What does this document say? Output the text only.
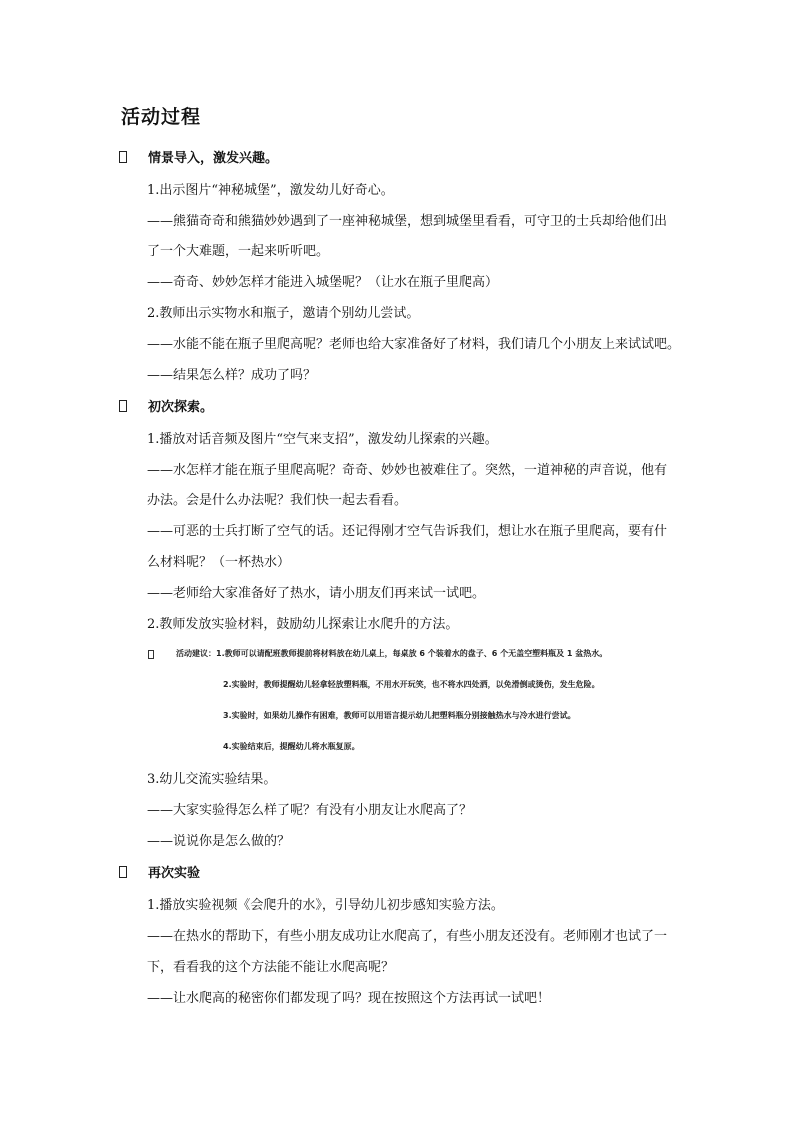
活动过程
情景导入，激发兴趣。
1.出示图片“神秘城堡”，激发幼儿好奇心。
——熊猫奇奇和熊猫妙妙遇到了一座神秘城堡，想到城堡里看看，可守卫的士兵却给他们出
了一个大难题，一起来听听吧。
——奇奇、妙妙怎样才能进入城堡呢？（让水在瓶子里爬高）
2.教师出示实物水和瓶子，邀请个别幼儿尝试。
——水能不能在瓶子里爬高呢？老师也给大家准备好了材料，我们请几个小朋友上来试试吧。
——结果怎么样？成功了吗？
初次探索。
1.播放对话音频及图片“空气来支招”，激发幼儿探索的兴趣。
——水怎样才能在瓶子里爬高呢？奇奇、妙妙也被难住了。突然，一道神秘的声音说，他有
办法。会是什么办法呢？我们快一起去看看。
——可恶的士兵打断了空气的话。还记得刚才空气告诉我们，想让水在瓶子里爬高，要有什
么材料呢？（一杯热水）
——老师给大家准备好了热水，请小朋友们再来试一试吧。
2.教师发放实验材料，鼓励幼儿探索让水爬升的方法。
活动建议：1.教师可以请配班教师提前将材料放在幼儿桌上，每桌放 6 个装着水的盘子、6 个无盖空塑料瓶及 1 盆热水。
2.实验时，教师提醒幼儿轻拿轻放塑料瓶，不用水开玩笑，也不将水四处洒，以免滑倒或烫伤，发生危险。
3.实验时，如果幼儿操作有困难，教师可以用语言提示幼儿把塑料瓶分别接触热水与冷水进行尝试。
4.实验结束后，提醒幼儿将水瓶复原。
3.幼儿交流实验结果。
——大家实验得怎么样了呢？有没有小朋友让水爬高了？
——说说你是怎么做的？
再次实验
1.播放实验视频《会爬升的水》，引导幼儿初步感知实验方法。
——在热水的帮助下，有些小朋友成功让水爬高了，有些小朋友还没有。老师刚才也试了一
下，看看我的这个方法能不能让水爬高呢？
——让水爬高的秘密你们都发现了吗？现在按照这个方法再试一试吧！
